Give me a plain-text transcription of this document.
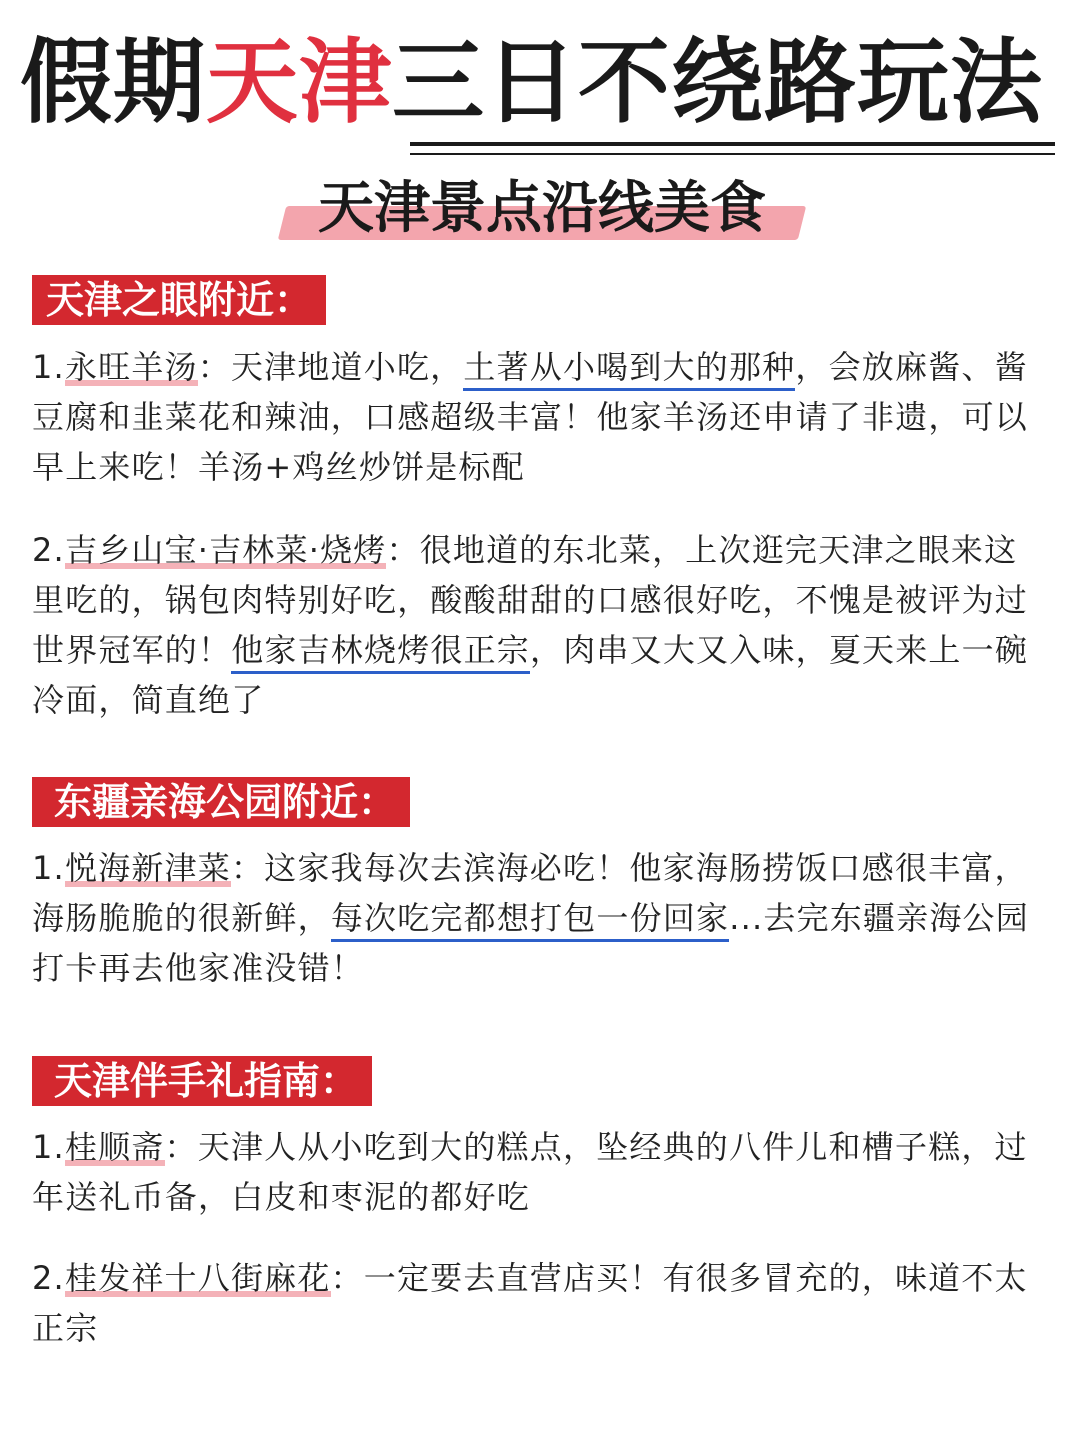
假期天津三日不绕路玩法
天津景点沿线美食
天津之眼附近：
1.永旺羊汤：天津地道小吃，土著从小喝到大的那种，会放麻酱、酱豆腐和韭菜花和辣油，口感超级丰富！他家羊汤还申请了非遗，可以早上来吃！羊汤+鸡丝炒饼是标配
2.吉乡山宝·吉林菜·烧烤：很地道的东北菜，上次逛完天津之眼来这里吃的，锅包肉特别好吃，酸酸甜甜的口感很好吃，不愧是被评为过世界冠军的！他家吉林烧烤很正宗，肉串又大又入味，夏天来上一碗冷面，简直绝了
东疆亲海公园附近：
1.悦海新津菜：这家我每次去滨海必吃！他家海肠捞饭口感很丰富，海肠脆脆的很新鲜，每次吃完都想打包一份回家...去完东疆亲海公园打卡再去他家准没错！
天津伴手礼指南：
1.桂顺斋：天津人从小吃到大的糕点，坠经典的八件儿和槽子糕，过年送礼币备，白皮和枣泥的都好吃
2.桂发祥十八街麻花：一定要去直营店买！有很多冒充的，味道不太正宗
